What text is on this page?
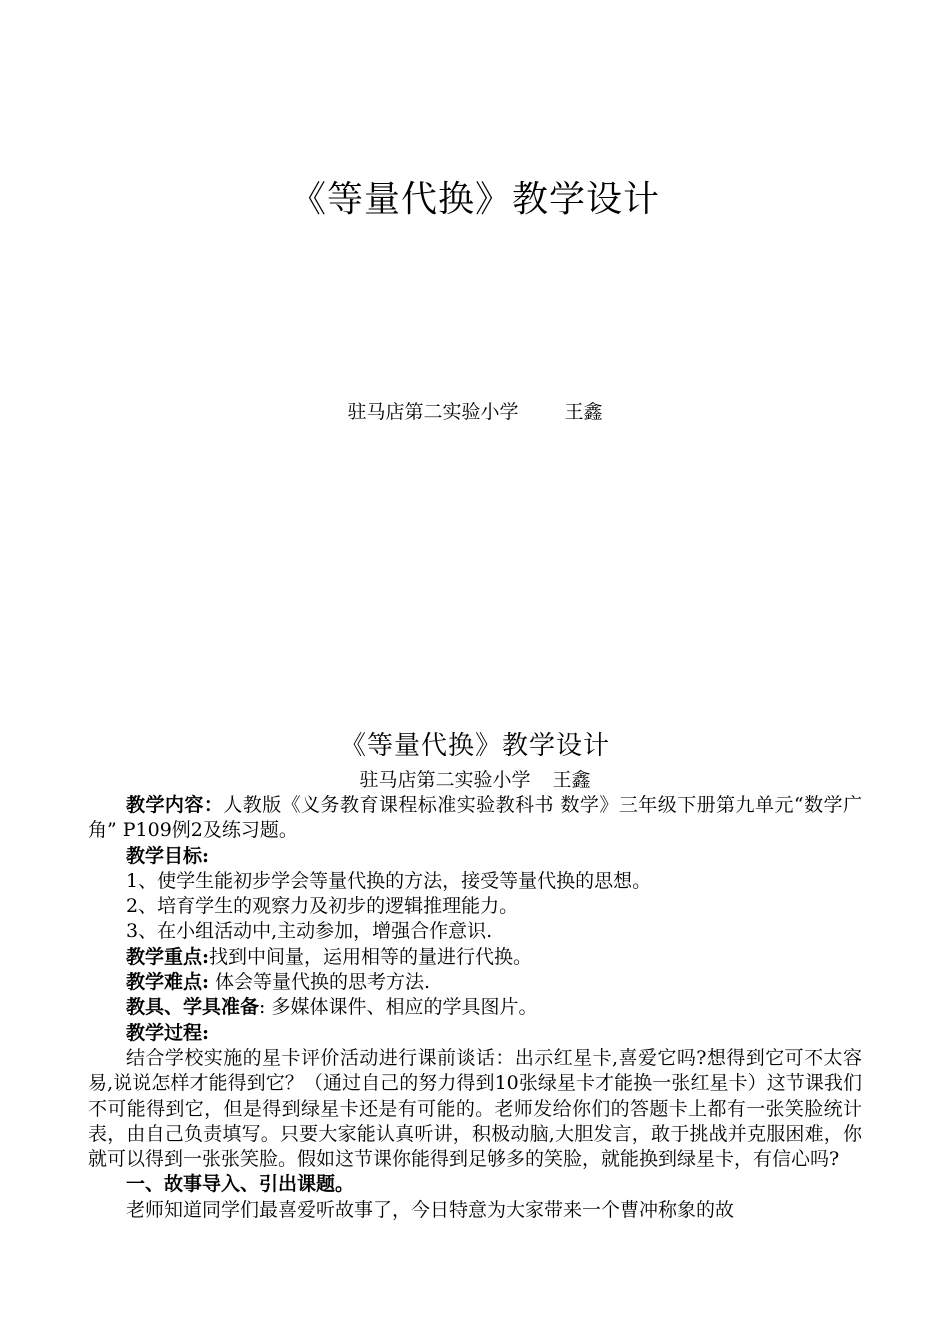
《等量代换》教学设计
驻马店第二实验小学 王鑫
《等量代换》教学设计
驻马店第二实验小学 王鑫

教学内容：人教版《义务教育课程标准实验教科书 数学》三年级下册第九单元“数学广角” P109例2及练习题。

教学目标:

1、使学生能初步学会等量代换的方法，接受等量代换的思想。

2、培育学生的观察力及初步的逻辑推理能力。

3、在小组活动中,主动参加，增强合作意识.

教学重点:找到中间量，运用相等的量进行代换。

教学难点: 体会等量代换的思考方法.

教具、学具准备: 多媒体课件、相应的学具图片。

教学过程:

结合学校实施的星卡评价活动进行课前谈话：出示红星卡,喜爱它吗?想得到它可不太容易,说说怎样才能得到它？（通过自己的努力得到10张绿星卡才能换一张红星卡）这节课我们不可能得到它，但是得到绿星卡还是有可能的。老师发给你们的答题卡上都有一张笑脸统计表，由自己负责填写。只要大家能认真听讲，积极动脑,大胆发言，敢于挑战并克服困难，你就可以得到一张张笑脸。假如这节课你能得到足够多的笑脸，就能换到绿星卡，有信心吗?

一、故事导入、引出课题。

老师知道同学们最喜爱听故事了，今日特意为大家带来一个曹冲称象的故
